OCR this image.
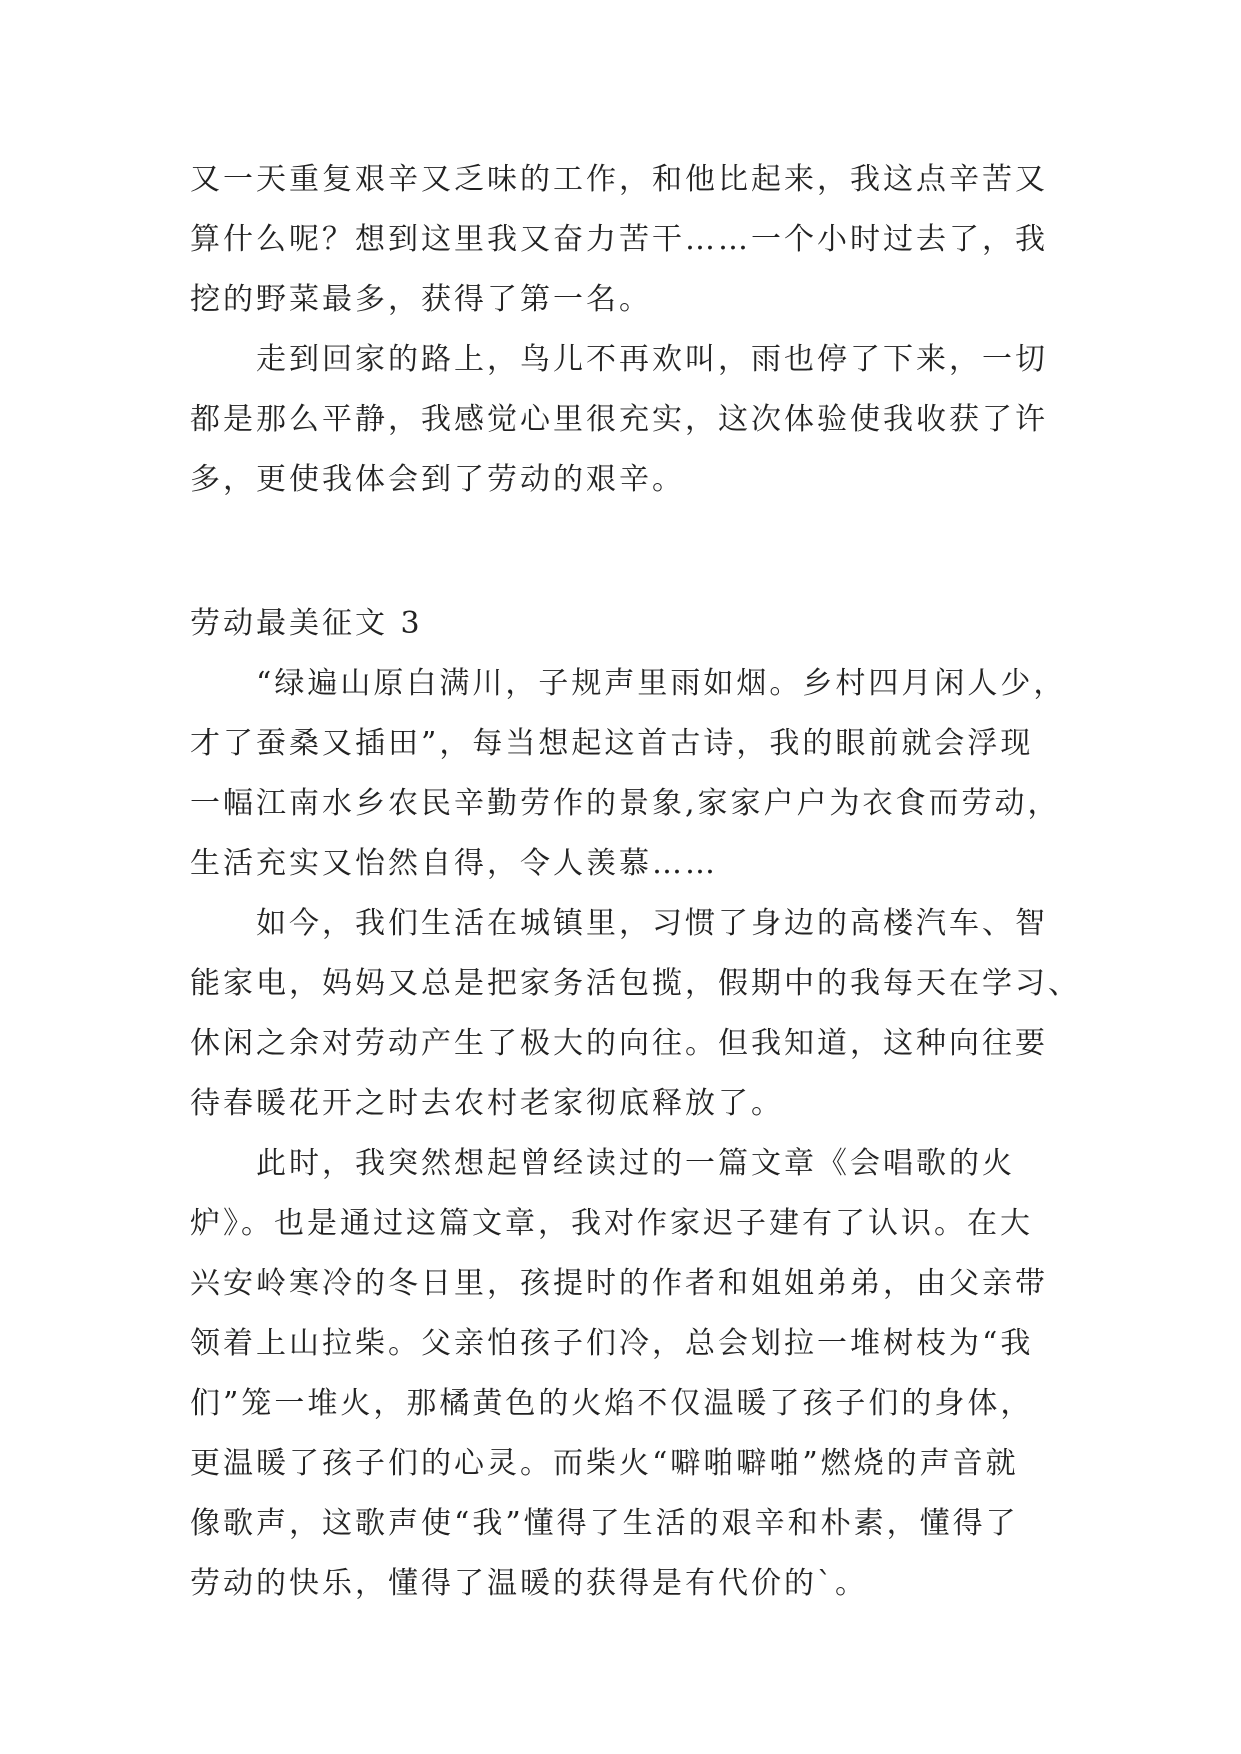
又一天重复艰辛又乏味的工作，和他比起来，我这点辛苦又
算什么呢？想到这里我又奋力苦干……一个小时过去了，我
挖的野菜最多，获得了第一名。
走到回家的路上，鸟儿不再欢叫，雨也停了下来，一切
都是那么平静，我感觉心里很充实，这次体验使我收获了许
多，更使我体会到了劳动的艰辛。
劳动最美征文 3
“绿遍山原白满川，子规声里雨如烟。乡村四月闲人少，
才了蚕桑又插田”，每当想起这首古诗，我的眼前就会浮现
一幅江南水乡农民辛勤劳作的景象,家家户户为衣食而劳动，
生活充实又怡然自得，令人羡慕……
如今，我们生活在城镇里，习惯了身边的高楼汽车、智
能家电，妈妈又总是把家务活包揽，假期中的我每天在学习、
休闲之余对劳动产生了极大的向往。但我知道，这种向往要
待春暖花开之时去农村老家彻底释放了。
此时，我突然想起曾经读过的一篇文章《会唱歌的火
炉》。也是通过这篇文章，我对作家迟子建有了认识。在大
兴安岭寒冷的冬日里，孩提时的作者和姐姐弟弟，由父亲带
领着上山拉柴。父亲怕孩子们冷，总会划拉一堆树枝为“我
们”笼一堆火，那橘黄色的火焰不仅温暖了孩子们的身体，
更温暖了孩子们的心灵。而柴火“噼啪噼啪”燃烧的声音就
像歌声，这歌声使“我”懂得了生活的艰辛和朴素，懂得了
劳动的快乐，懂得了温暖的获得是有代价的`。
